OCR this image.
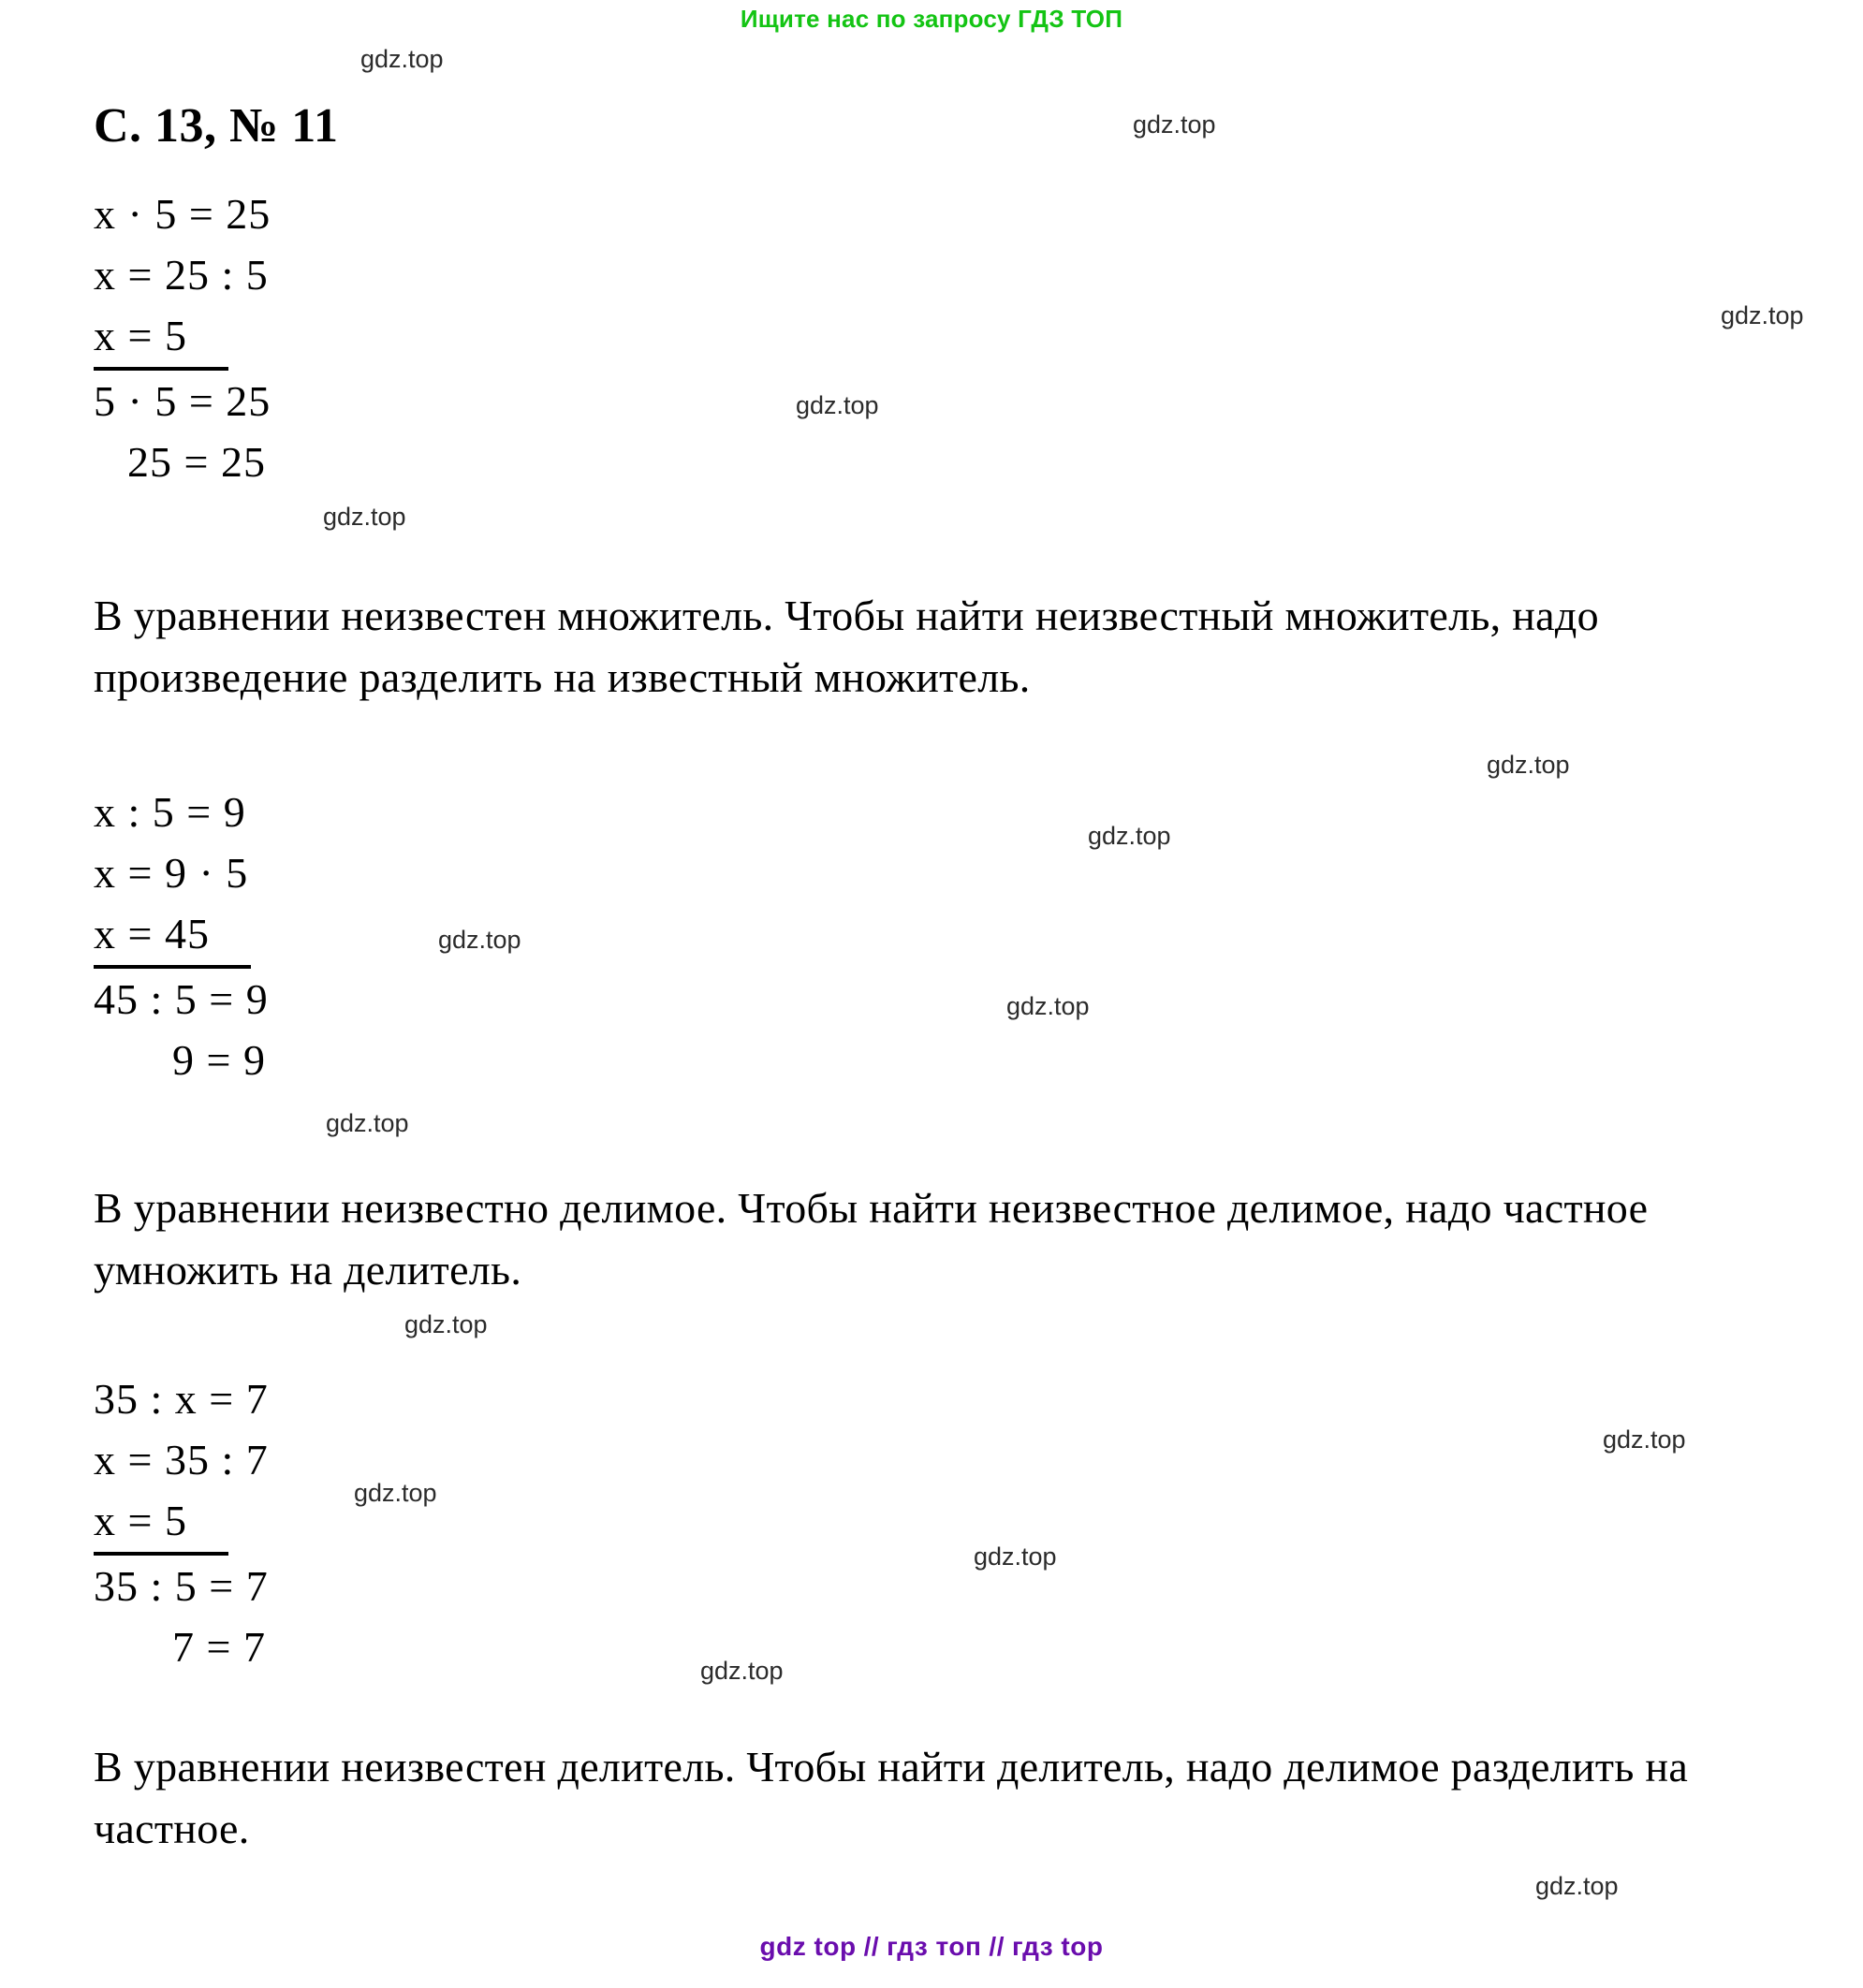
Ищите нас по запросу ГДЗ ТОП
С. 13, № 11
x · 5 = 25
x = 25 : 5
x = 5
5 · 5 = 25
25 = 25
В уравнении неизвестен множитель. Чтобы найти неизвестный множитель, надо произведение разделить на известный множитель.
x : 5 = 9
x = 9 · 5
x = 45
45 : 5 = 9
9 = 9
В уравнении неизвестно делимое. Чтобы найти неизвестное делимое, надо частное умножить на делитель.
35 : x = 7
x = 35 : 7
x = 5
35 : 5 = 7
7 = 7
В уравнении неизвестен делитель. Чтобы найти делитель, надо делимое разделить на частное.
gdz.top
gdz.top
gdz.top
gdz.top
gdz.top
gdz.top
gdz.top
gdz.top
gdz.top
gdz.top
gdz.top
gdz.top
gdz.top
gdz.top
gdz.top
gdz.top
gdz top // гдз топ // гдз top
